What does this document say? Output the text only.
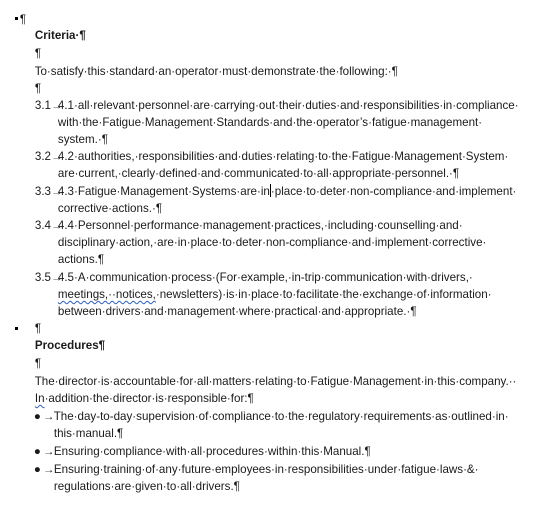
¶

Criteria·¶

¶

To·satisfy·this·standard·an·operator·must·demonstrate·the·following:·¶

¶

3.1→

4.1·all·relevant·personnel·are·carrying·out·their·duties·and·responsibilities·in·compliance·

with·the·Fatigue·Management·Standards·and·the·operator’s·fatigue·management·

system.·¶

3.2→

4.2·authorities,·responsibilities·and·duties·relating·to·the·Fatigue·Management·System·

are·current,·clearly·defined·and·communicated·to·all·appropriate·personnel.·¶

3.3→

4.3·Fatigue·Management·Systems·are·in·place·to·deter·non-compliance·and·implement·

corrective·actions.·¶

3.4→

4.4·Personnel·performance·management·practices,·including·counselling·and·

disciplinary·action,·are·in·place·to·deter·non-compliance·and·implement·corrective·

actions.¶

3.5→

4.5·A·communication·process·(For·example,·in-trip·communication·with·drivers,·

meetings,··notices,·newsletters)·is·in·place·to·facilitate·the·exchange·of·information·

between·drivers·and·management·where·practical·and·appropriate.·¶

¶

Procedures¶

¶

The·director·is·accountable·for·all·matters·relating·to·Fatigue·Management·in·this·company.··

In·addition·the·director·is·responsible·for:¶

●
→
The·day-to-day·supervision·of·compliance·to·the·regulatory·requirements·as·outlined·in·

this·manual.¶

●
→
Ensuring·compliance·with·all·procedures·within·this·Manual.¶

●
→
Ensuring·training·of·any·future·employees·in·responsibilities·under·fatigue·laws·&·

regulations·are·given·to·all·drivers.¶
